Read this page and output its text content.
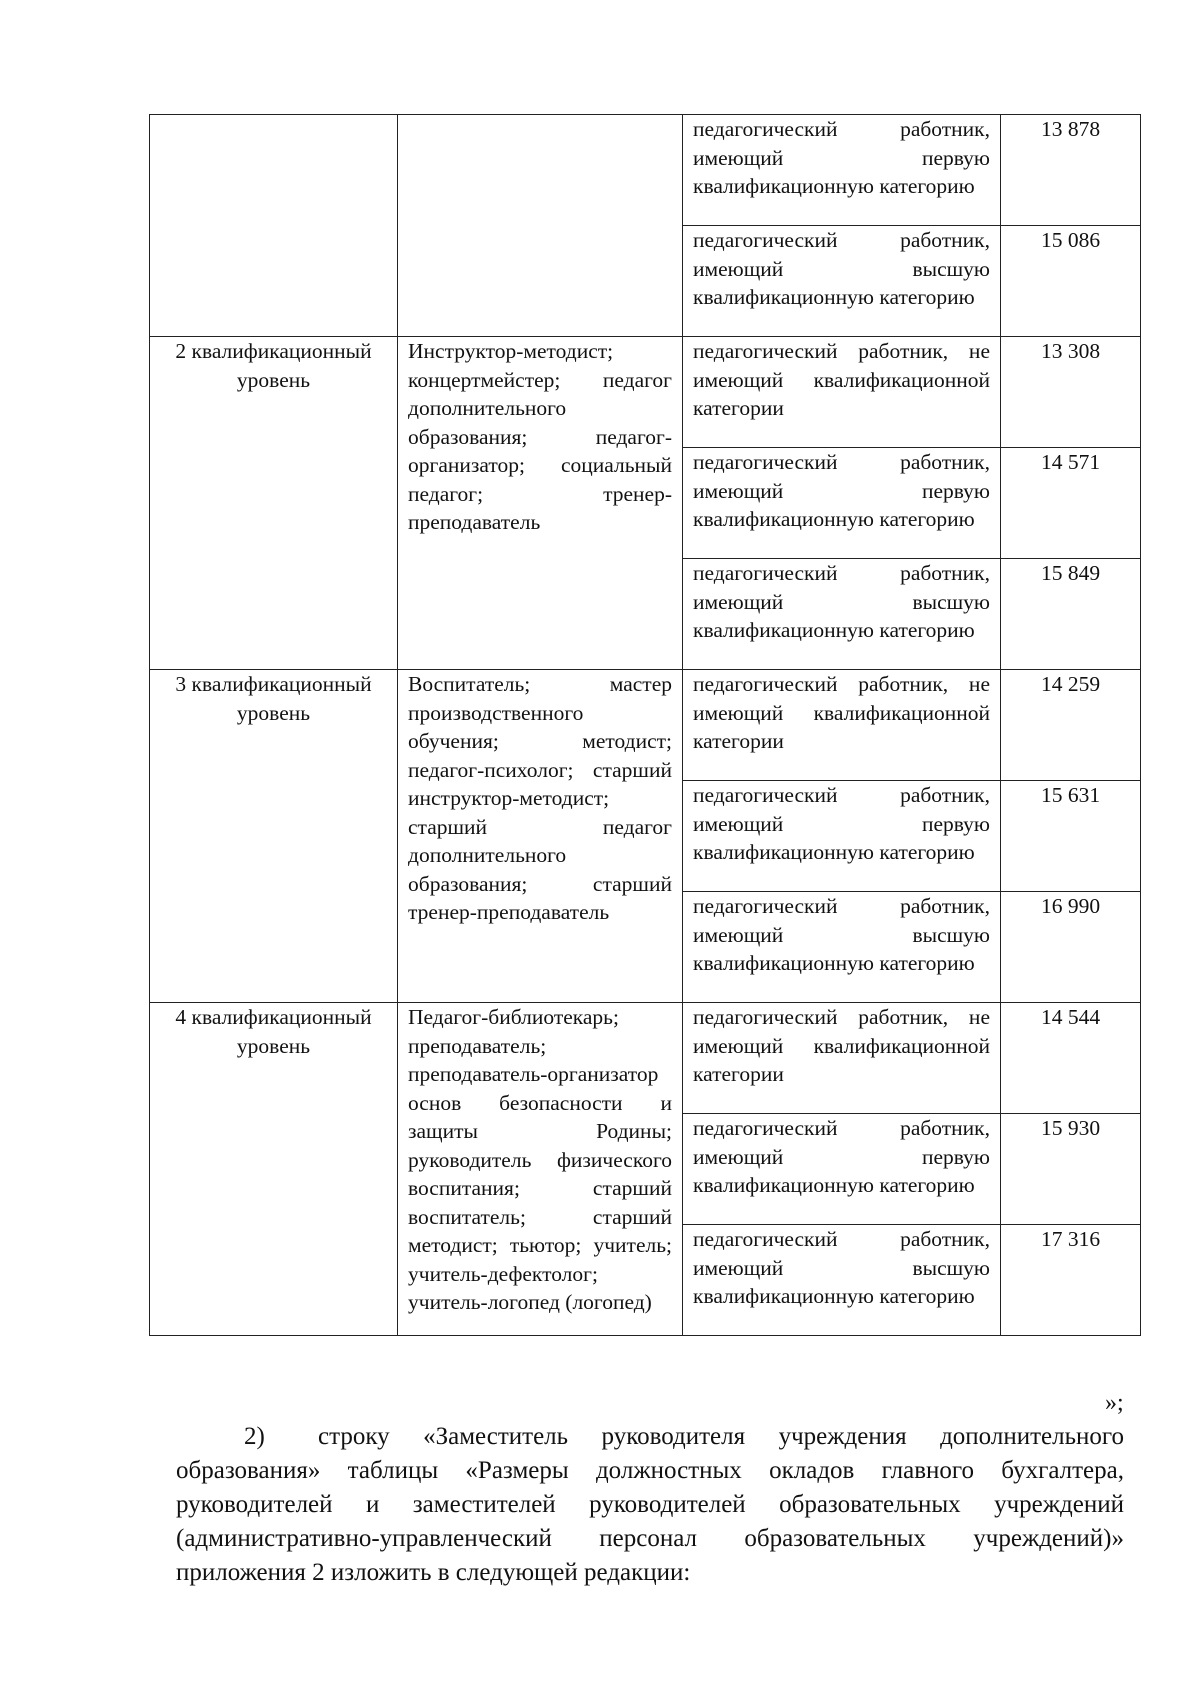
		педагогический работник, имеющий первую квалификационную категорию	13 878
		педагогический работник, имеющий высшую квалификационную категорию	15 086
2 квалификационный уровень	Инструктор-методист; концертмейстер; педагог дополнительного образования; педагог-организатор; социальный педагог; тренер-преподаватель	педагогический работник, не имеющий квалификационной категории	13 308
		педагогический работник, имеющий первую квалификационную категорию	14 571
		педагогический работник, имеющий высшую квалификационную категорию	15 849
3 квалификационный уровень	Воспитатель; мастер производственного обучения; методист; педагог-психолог; старший инструктор-методист; старший педагог дополнительного образования; старший тренер-преподаватель	педагогический работник, не имеющий квалификационной категории	14 259
		педагогический работник, имеющий первую квалификационную категорию	15 631
		педагогический работник, имеющий высшую квалификационную категорию	16 990
4 квалификационный уровень	Педагог-библиотекарь; преподаватель; преподаватель-организатор основ безопасности и защиты Родины; руководитель физического воспитания; старший воспитатель; старший методист; тьютор; учитель; учитель-дефектолог; учитель-логопед (логопед)	педагогический работник, не имеющий квалификационной категории	14 544
		педагогический работник, имеющий первую квалификационную категорию	15 930
		педагогический работник, имеющий высшую квалификационную категорию	17 316
»;
2) строку «Заместитель руководителя учреждения дополнительного образования» таблицы «Размеры должностных окладов главного бухгалтера, руководителей и заместителей руководителей образовательных учреждений (административно-управленческий персонал образовательных учреждений)» приложения 2 изложить в следующей редакции:
